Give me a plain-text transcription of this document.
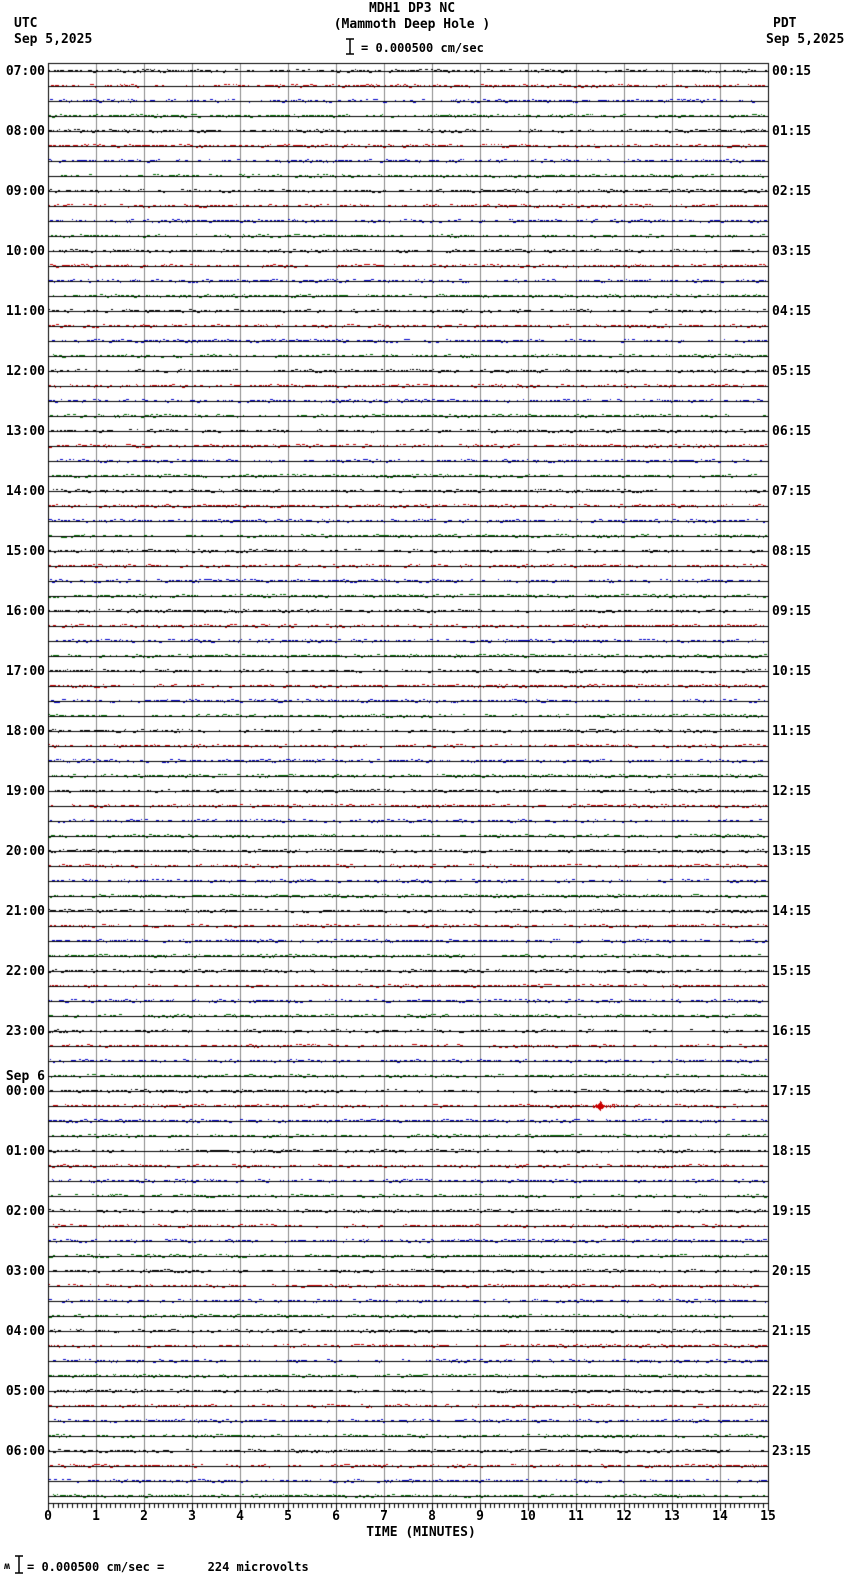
MDH1 DP3 NC
(Mammoth Deep Hole )
UTC
Sep 5,2025
PDT
Sep 5,2025
= 0.000500 cm/sec
07:00
08:00
09:00
10:00
11:00
12:00
13:00
14:00
15:00
16:00
17:00
18:00
19:00
20:00
21:00
22:00
23:00
00:00
Sep 6
01:00
02:00
03:00
04:00
05:00
06:00
00:15
01:15
02:15
03:15
04:15
05:15
06:15
07:15
08:15
09:15
10:15
11:15
12:15
13:15
14:15
15:15
16:15
17:15
18:15
19:15
20:15
21:15
22:15
23:15
0	1	2	3	4	5	6	7	8	9	10	11	12	13	14	15
TIME (MINUTES)
ʍ = 0.000500 cm/sec =      224 microvolts
